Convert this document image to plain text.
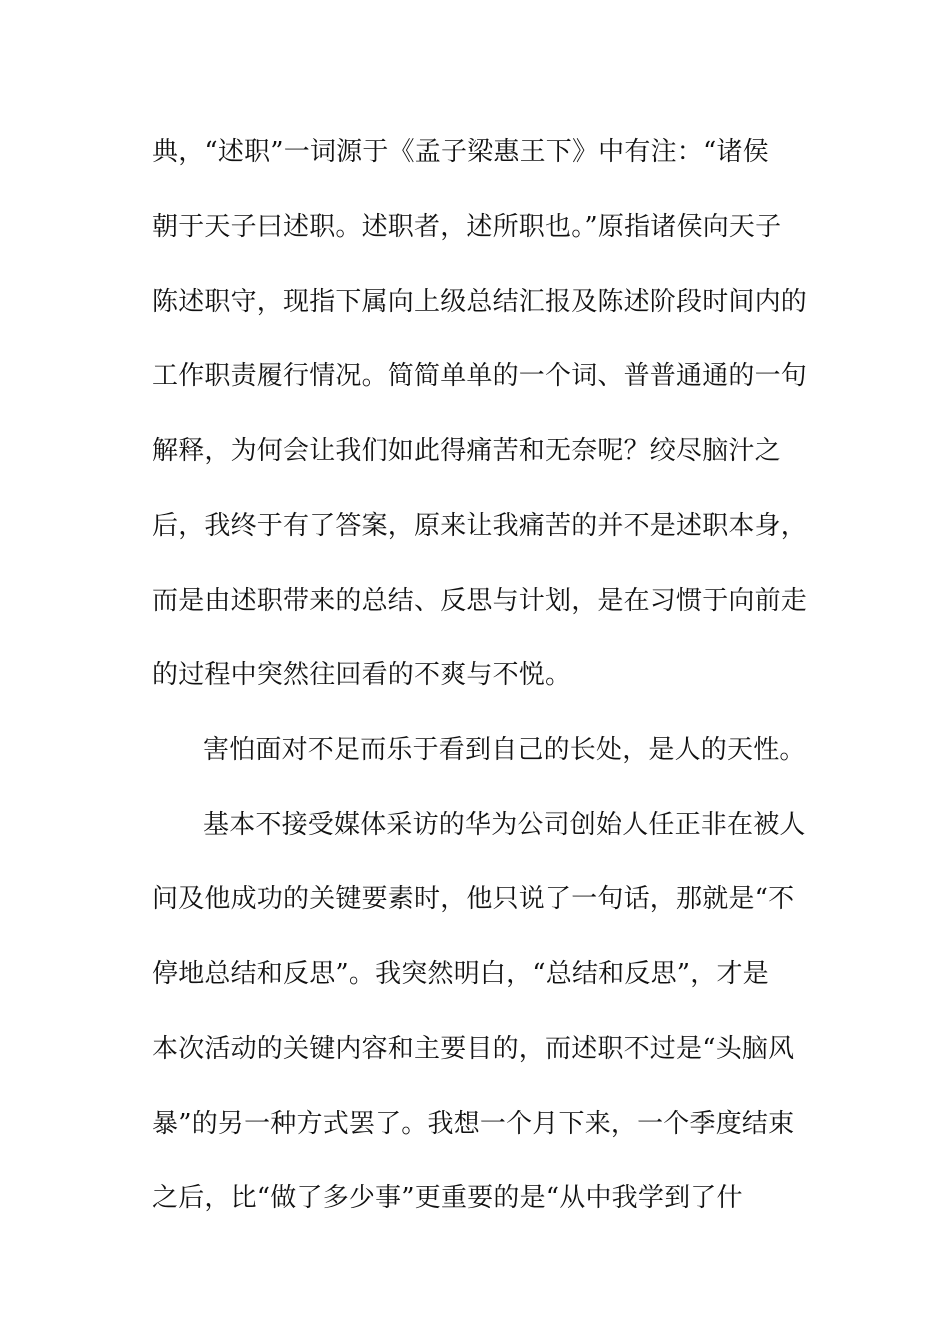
典，“述职”一词源于《孟子梁惠王下》中有注：“诸侯
朝于天子曰述职。述职者，述所职也。”原指诸侯向天子
陈述职守，现指下属向上级总结汇报及陈述阶段时间内的
工作职责履行情况。简简单单的一个词、普普通通的一句
解释，为何会让我们如此得痛苦和无奈呢？绞尽脑汁之
后，我终于有了答案，原来让我痛苦的并不是述职本身，
而是由述职带来的总结、反思与计划，是在习惯于向前走
的过程中突然往回看的不爽与不悦。
害怕面对不足而乐于看到自己的长处，是人的天性。
基本不接受媒体采访的华为公司创始人任正非在被人
问及他成功的关键要素时，他只说了一句话，那就是“不
停地总结和反思”。我突然明白，“总结和反思”，才是
本次活动的关键内容和主要目的，而述职不过是“头脑风
暴”的另一种方式罢了。我想一个月下来，一个季度结束
之后，比“做了多少事”更重要的是“从中我学到了什
